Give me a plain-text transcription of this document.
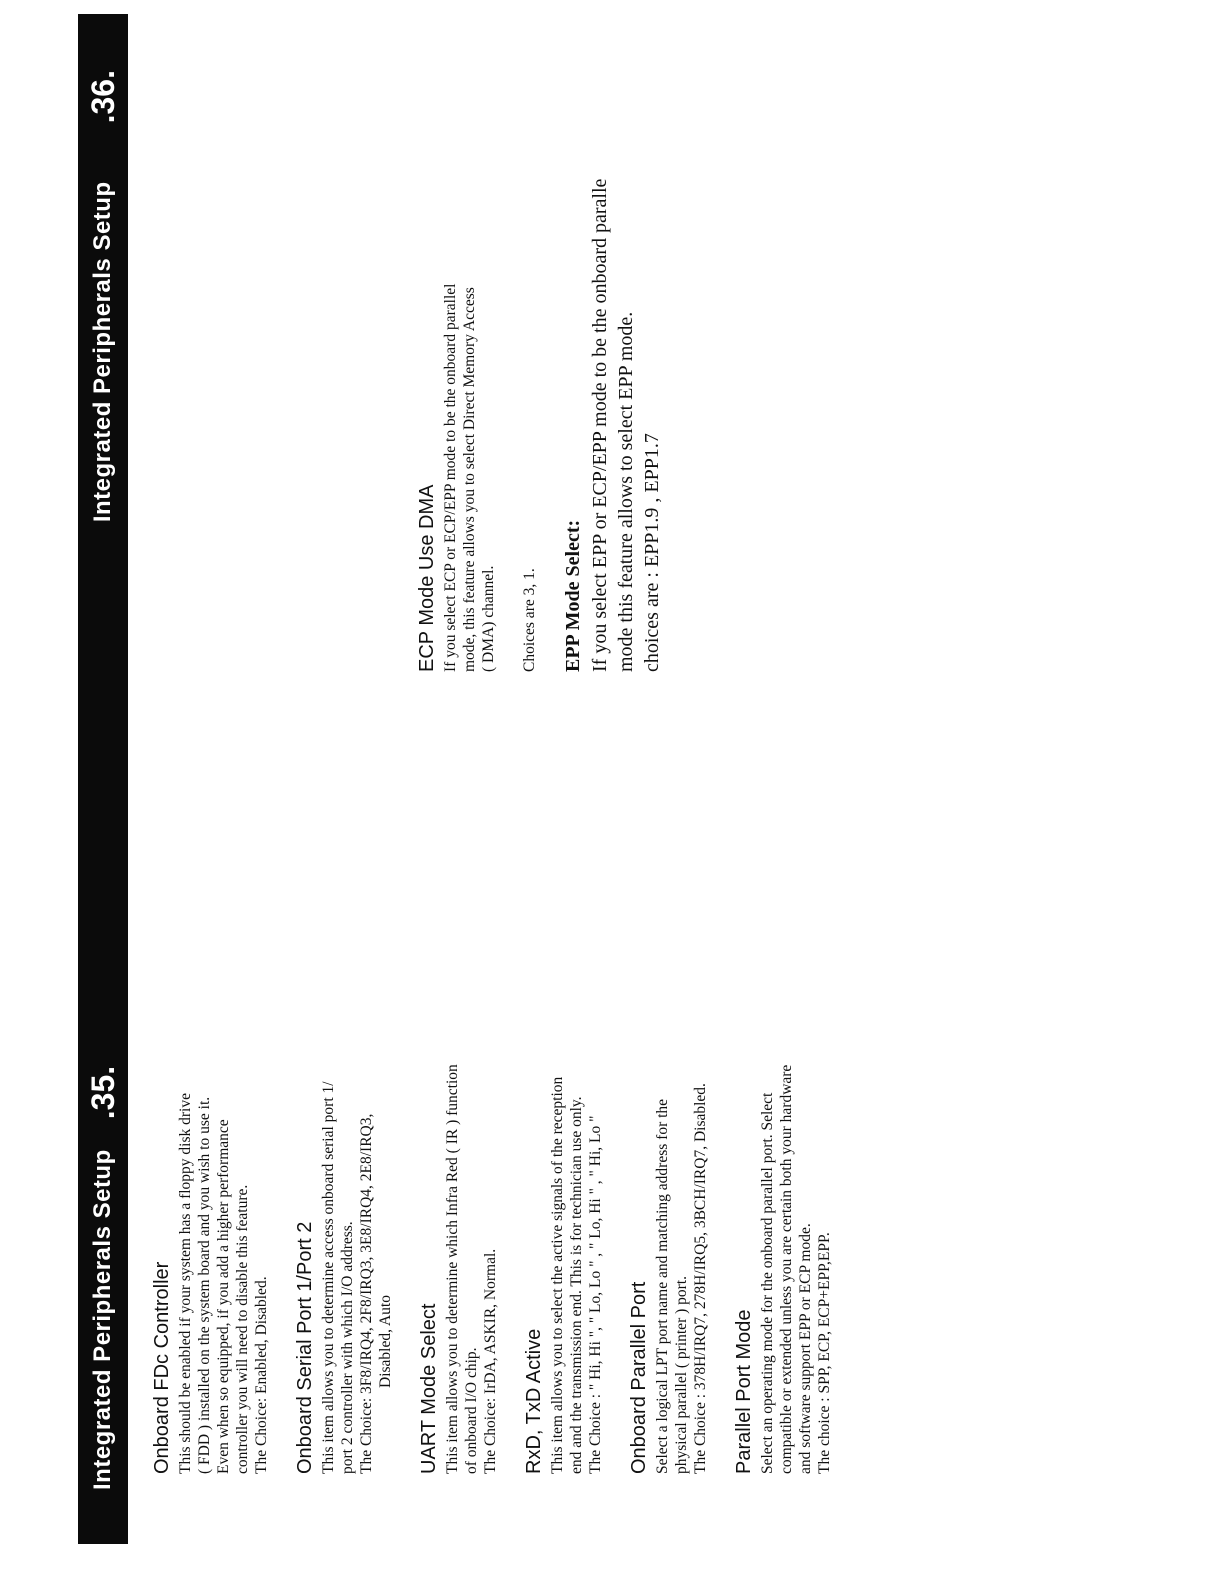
Integrated Peripherals Setup
.35.
Integrated Peripherals Setup
.36.
Onboard FDc Controller This should be enabled if your system has a floppy disk drive
( FDD ) installed on the system board and you wish to use it.
Even when so equipped, if you add a higher performance
controller you will need to disable this feature.

The Choice: Enabled, Disabled. Onboard Serial Port 1/Port 2 This item allows you to determine access onboard serial port 1/
port 2 controller with which I/O address. The Choice: 3F8/IRQ4, 2F8/IRQ3, 3E8/IRQ4, 2E8/IRQ3, Disabled, Auto UART Mode Select This item allows you to determine which Infra Red ( IR ) function
of onboard I/O chip. The Choice: IrDA, ASKIR, Normal. RxD, TxD Active This item allows you to select the active signals of the reception
end and the transmission end. This is for technician use only.

The Choice : " Hi, Hi ", " Lo, Lo " , " Lo, Hi " , " Hi, Lo " Onboard Parallel Port Select a logical LPT port name and matching address for the
physical parallel ( printer ) port. The Choice : 378H/IRQ7, 278H/IRQ5, 3BCH/IRQ7, Disabled. Parallel Port Mode Select an operating mode for the onboard parallel port. Select
compatible or extended unless you are certain both your hardware
and software support EPP or ECP mode. The choice : SPP, ECP, ECP+EPP,EPP.

ECP Mode Use DMA If you select ECP or ECP/EPP mode to be the onboard parallel
mode, this feature allows you to select Direct Memory Access
( DMA) channel. Choices are 3, 1. EPP Mode Select: If you select EPP or ECP/EPP mode to be the onboard paralle
mode this feature allows to select EPP mode.
choices are : EPP1.9 , EPP1.7
